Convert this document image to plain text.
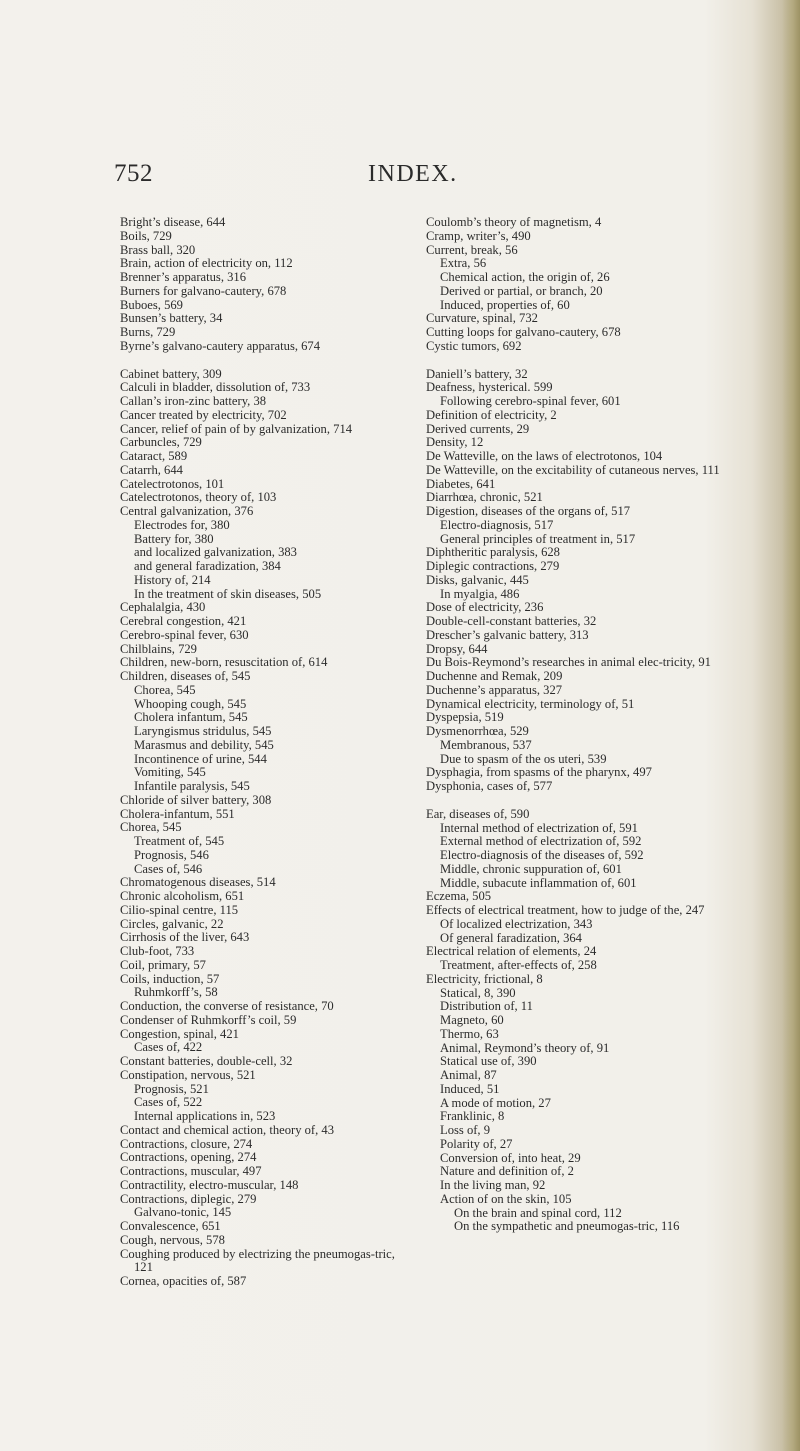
752	INDEX.
Bright’s disease, 644
Boils, 729
Brass ball, 320
Brain, action of electricity on, 112
Brenner’s apparatus, 316
Burners for galvano-cautery, 678
Buboes, 569
Bunsen’s battery, 34
Burns, 729
Byrne’s galvano-cautery apparatus, 674
Cabinet battery, 309
Calculi in bladder, dissolution of, 733
Callan’s iron-zinc battery, 38
Cancer treated by electricity, 702
Cancer, relief of pain of by galvanization, 714
Carbuncles, 729
Cataract, 589
Catarrh, 644
Catelectrotonos, 101
Catelectrotonos, theory of, 103
Central galvanization, 376
Electrodes for, 380
Battery for, 380
and localized galvanization, 383
and general faradization, 384
History of, 214
In the treatment of skin diseases, 505
Cephalalgia, 430
Cerebral congestion, 421
Cerebro-spinal fever, 630
Chilblains, 729
Children, new-born, resuscitation of, 614
Children, diseases of, 545
Chorea, 545
Whooping cough, 545
Cholera infantum, 545
Laryngismus stridulus, 545
Marasmus and debility, 545
Incontinence of urine, 544
Vomiting, 545
Infantile paralysis, 545
Chloride of silver battery, 308
Cholera-infantum, 551
Chorea, 545
Treatment of, 545
Prognosis, 546
Cases of, 546
Chromatogenous diseases, 514
Chronic alcoholism, 651
Cilio-spinal centre, 115
Circles, galvanic, 22
Cirrhosis of the liver, 643
Club-foot, 733
Coil, primary, 57
Coils, induction, 57
Ruhmkorff’s, 58
Conduction, the converse of resistance, 70
Condenser of Ruhmkorff’s coil, 59
Congestion, spinal, 421
Cases of, 422
Constant batteries, double-cell, 32
Constipation, nervous, 521
Prognosis, 521
Cases of, 522
Internal applications in, 523
Contact and chemical action, theory of, 43
Contractions, closure, 274
Contractions, opening, 274
Contractions, muscular, 497
Contractility, electro-muscular, 148
Contractions, diplegic, 279
Galvano-tonic, 145
Convalescence, 651
Cough, nervous, 578
Coughing produced by electrizing the pneumogas-tric, 121
Cornea, opacities of, 587
Coulomb’s theory of magnetism, 4
Cramp, writer’s, 490
Current, break, 56
Extra, 56
Chemical action, the origin of, 26
Derived or partial, or branch, 20
Induced, properties of, 60
Curvature, spinal, 732
Cutting loops for galvano-cautery, 678
Cystic tumors, 692
Daniell’s battery, 32
Deafness, hysterical. 599
Following cerebro-spinal fever, 601
Definition of electricity, 2
Derived currents, 29
Density, 12
De Watteville, on the laws of electrotonos, 104
De Watteville, on the excitability of cutaneous nerves, 111
Diabetes, 641
Diarrhœa, chronic, 521
Digestion, diseases of the organs of, 517
Electro-diagnosis, 517
General principles of treatment in, 517
Diphtheritic paralysis, 628
Diplegic contractions, 279
Disks, galvanic, 445
In myalgia, 486
Dose of electricity, 236
Double-cell-constant batteries, 32
Drescher’s galvanic battery, 313
Dropsy, 644
Du Bois-Reymond’s researches in animal elec-tricity, 91
Duchenne and Remak, 209
Duchenne’s apparatus, 327
Dynamical electricity, terminology of, 51
Dyspepsia, 519
Dysmenorrhœa, 529
Membranous, 537
Due to spasm of the os uteri, 539
Dysphagia, from spasms of the pharynx, 497
Dysphonia, cases of, 577
Ear, diseases of, 590
Internal method of electrization of, 591
External method of electrization of, 592
Electro-diagnosis of the diseases of, 592
Middle, chronic suppuration of, 601
Middle, subacute inflammation of, 601
Eczema, 505
Effects of electrical treatment, how to judge of the, 247
Of localized electrization, 343
Of general faradization, 364
Electrical relation of elements, 24
Treatment, after-effects of, 258
Electricity, frictional, 8
Statical, 8, 390
Distribution of, 11
Magneto, 60
Thermo, 63
Animal, Reymond’s theory of, 91
Statical use of, 390
Animal, 87
Induced, 51
A mode of motion, 27
Franklinic, 8
Loss of, 9
Polarity of, 27
Conversion of, into heat, 29
Nature and definition of, 2
In the living man, 92
Action of on the skin, 105
On the brain and spinal cord, 112
On the sympathetic and pneumogas-tric, 116
